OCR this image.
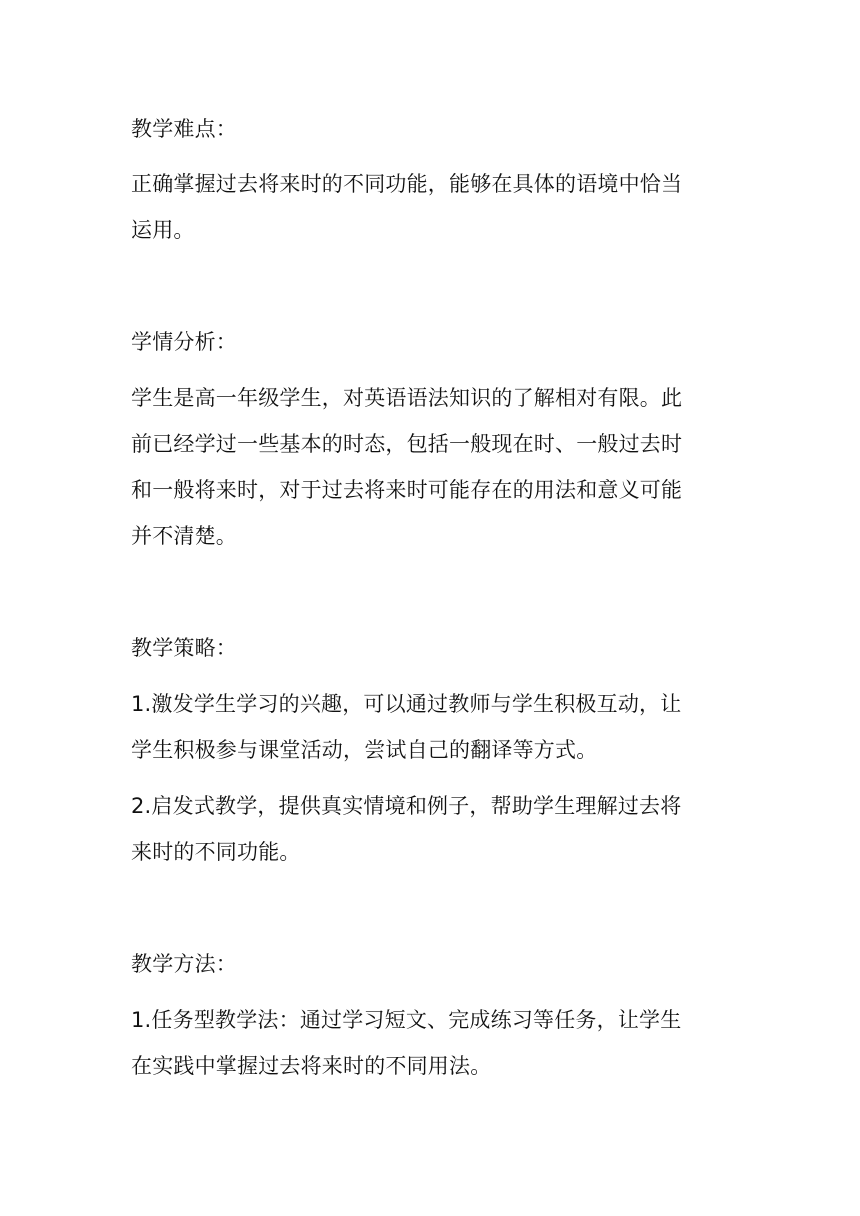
教学难点：
正确掌握过去将来时的不同功能，能够在具体的语境中恰当
运用。
学情分析：
学生是高一年级学生，对英语语法知识的了解相对有限。此
前已经学过一些基本的时态，包括一般现在时、一般过去时
和一般将来时，对于过去将来时可能存在的用法和意义可能
并不清楚。
教学策略：
1.激发学生学习的兴趣，可以通过教师与学生积极互动，让
学生积极参与课堂活动，尝试自己的翻译等方式。
2.启发式教学，提供真实情境和例子，帮助学生理解过去将
来时的不同功能。
教学方法：
1.任务型教学法：通过学习短文、完成练习等任务，让学生
在实践中掌握过去将来时的不同用法。
